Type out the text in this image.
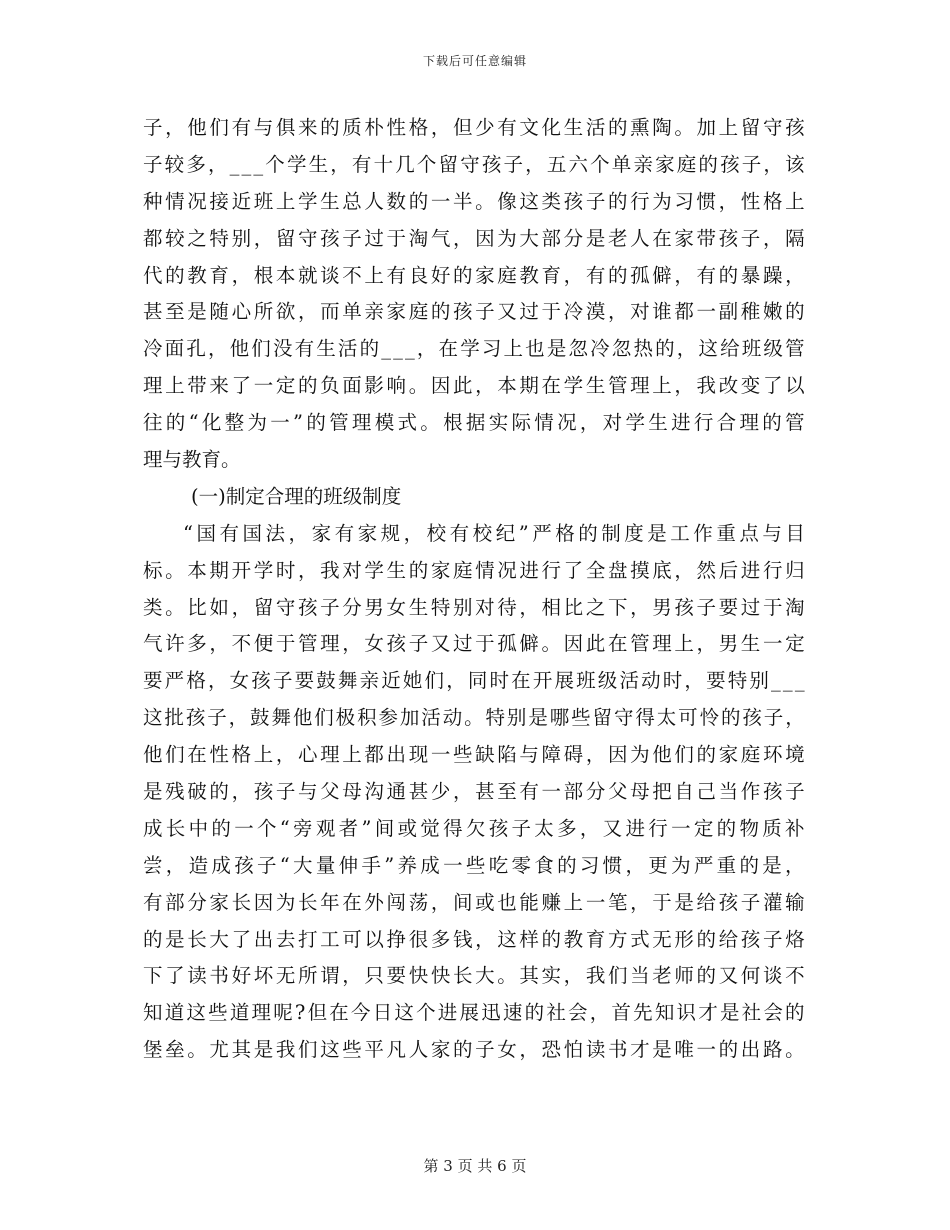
下载后可任意编辑
子 ， 他 们 有 与 俱 来 的 质 朴 性 格 ， 但 少 有 文 化 生 活 的 熏 陶 。 加 上 留 守 孩
子 较 多 ， _ _ _ 个 学 生 ， 有 十 几 个 留 守 孩 子 ， 五 六 个 单 亲 家 庭 的 孩 子 ， 该
种 情 况 接 近 班 上 学 生 总 人 数 的 一 半 。 像 这 类 孩 子 的 行 为 习 惯 ， 性 格 上
都 较 之 特 别 ， 留 守 孩 子 过 于 淘 气 ， 因 为 大 部 分 是 老 人 在 家 带 孩 子 ， 隔
代 的 教 育 ， 根 本 就 谈 不 上 有 良 好 的 家 庭 教 育 ， 有 的 孤 僻 ， 有 的 暴 躁 ，
甚 至 是 随 心 所 欲 ， 而 单 亲 家 庭 的 孩 子 又 过 于 冷 漠 ， 对 谁 都 一 副 稚 嫩 的
冷 面 孔 ， 他 们 没 有 生 活 的 _ _ _ ， 在 学 习 上 也 是 忽 冷 忽 热 的 ， 这 给 班 级 管
理 上 带 来 了 一 定 的 负 面 影 响 。 因 此 ， 本 期 在 学 生 管 理 上 ， 我 改 变 了 以
往 的 “ 化 整 为 一 ” 的 管 理 模 式 。 根 据 实 际 情 况 ， 对 学 生 进 行 合 理 的 管
理与教育。
(一)制定合理的班级制度
“ 国 有 国 法 ， 家 有 家 规 ， 校 有 校 纪 ” 严 格 的 制 度 是 工 作 重 点 与 目
标 。 本 期 开 学 时 ， 我 对 学 生 的 家 庭 情 况 进 行 了 全 盘 摸 底 ， 然 后 进 行 归
类 。 比 如 ， 留 守 孩 子 分 男 女 生 特 别 对 待 ， 相 比 之 下 ， 男 孩 子 要 过 于 淘
气 许 多 ， 不 便 于 管 理 ， 女 孩 子 又 过 于 孤 僻 。 因 此 在 管 理 上 ， 男 生 一 定
要 严 格 ， 女 孩 子 要 鼓 舞 亲 近 她 们 ， 同 时 在 开 展 班 级 活 动 时 ， 要 特 别 _ _ _
这 批 孩 子 ， 鼓 舞 他 们 极 积 参 加 活 动 。 特 别 是 哪 些 留 守 得 太 可 怜 的 孩 子 ，
他 们 在 性 格 上 ， 心 理 上 都 出 现 一 些 缺 陷 与 障 碍 ， 因 为 他 们 的 家 庭 环 境
是 残 破 的 ， 孩 子 与 父 母 沟 通 甚 少 ， 甚 至 有 一 部 分 父 母 把 自 己 当 作 孩 子
成 长 中 的 一 个 “ 旁 观 者 ” 间 或 觉 得 欠 孩 子 太 多 ， 又 进 行 一 定 的 物 质 补
尝 ， 造 成 孩 子 “ 大 量 伸 手 ” 养 成 一 些 吃 零 食 的 习 惯 ， 更 为 严 重 的 是 ，
有 部 分 家 长 因 为 长 年 在 外 闯 荡 ， 间 或 也 能 赚 上 一 笔 ， 于 是 给 孩 子 灌 输
的 是 长 大 了 出 去 打 工 可 以 挣 很 多 钱 ， 这 样 的 教 育 方 式 无 形 的 给 孩 子 烙
下 了 读 书 好 坏 无 所 谓 ， 只 要 快 快 长 大 。 其 实 ， 我 们 当 老 师 的 又 何 谈 不
知 道 这 些 道 理 呢 ? 但 在 今 日 这 个 进 展 迅 速 的 社 会 ， 首 先 知 识 才 是 社 会 的
堡 垒 。 尤 其 是 我 们 这 些 平 凡 人 家 的 子 女 ， 恐 怕 读 书 才 是 唯 一 的 出 路 。
第 3 页 共 6 页
